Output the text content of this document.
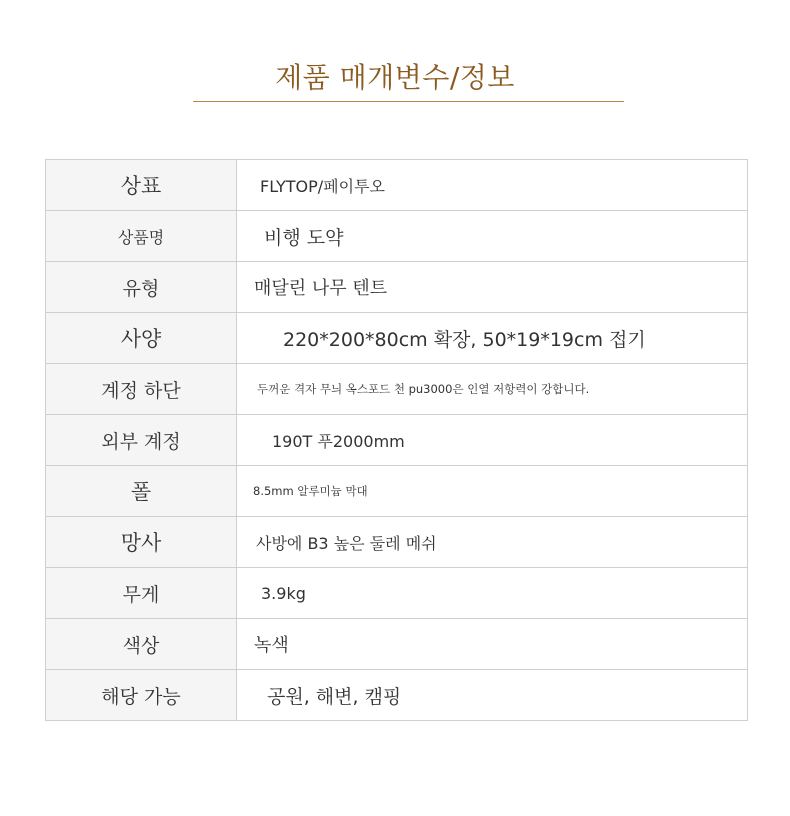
제품 매개변수/정보
상표	FLYTOP/페이투오
상품명	비행 도약
유형	매달린 나무 텐트
사양	220*200*80cm 확장, 50*19*19cm 접기
계정 하단	두꺼운 격자 무늬 옥스포드 천 pu3000은 인열 저항력이 강합니다.
외부 계정	190T 푸2000mm
폴	8.5mm 알루미늄 막대
망사	사방에 B3 높은 둘레 메쉬
무게	3.9kg
색상	녹색
해당 가능	공원, 해변, 캠핑
